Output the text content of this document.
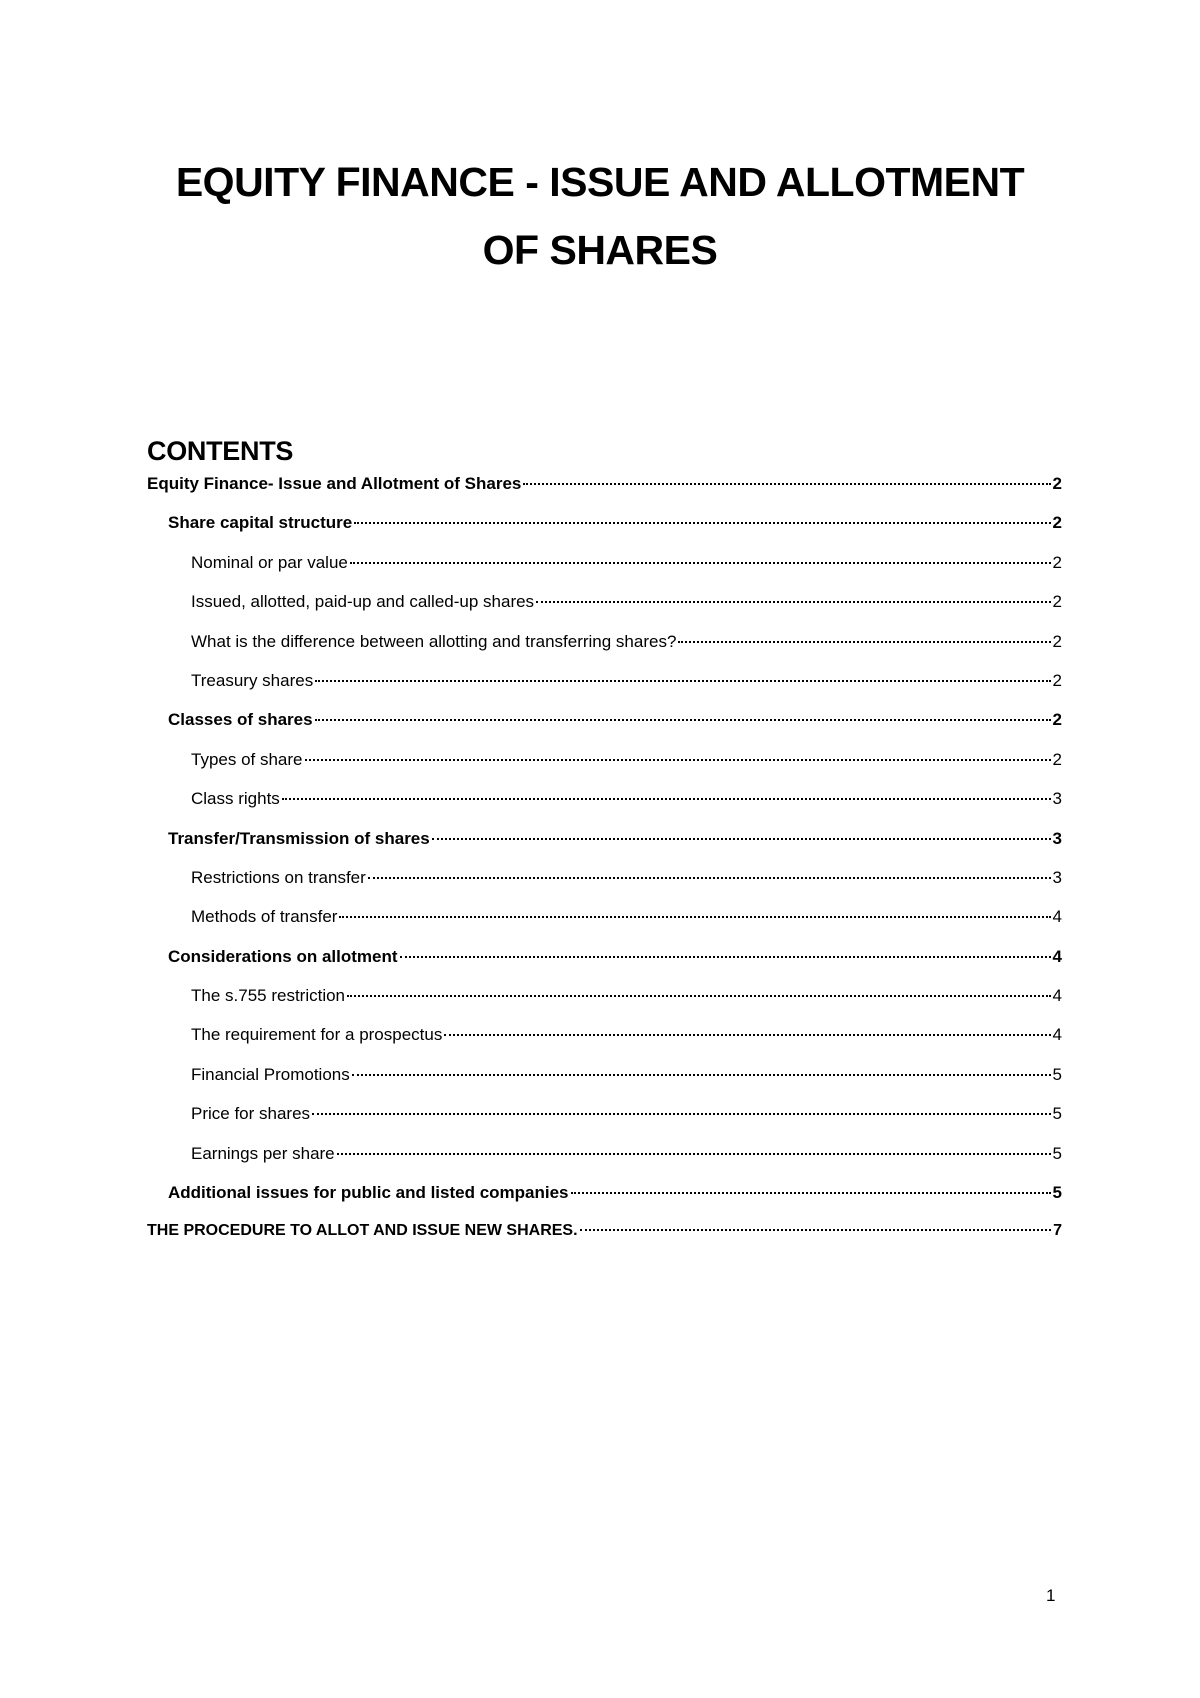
EQUITY FINANCE - ISSUE AND ALLOTMENT
OF SHARES
CONTENTS
Equity Finance- Issue and Allotment of Shares	2
Share capital structure	2
Nominal or par value	2
Issued, allotted, paid-up and called-up shares	2
What is the difference between allotting and transferring shares?	2
Treasury shares	2
Classes of shares	2
Types of share	2
Class rights	3
Transfer/Transmission of shares	3
Restrictions on transfer	3
Methods of transfer	4
Considerations on allotment	4
The s.755 restriction	4
The requirement for a prospectus	4
Financial Promotions	5
Price for shares	5
Earnings per share	5
Additional issues for public and listed companies	5
THE PROCEDURE TO ALLOT AND ISSUE NEW SHARES.	7
1
